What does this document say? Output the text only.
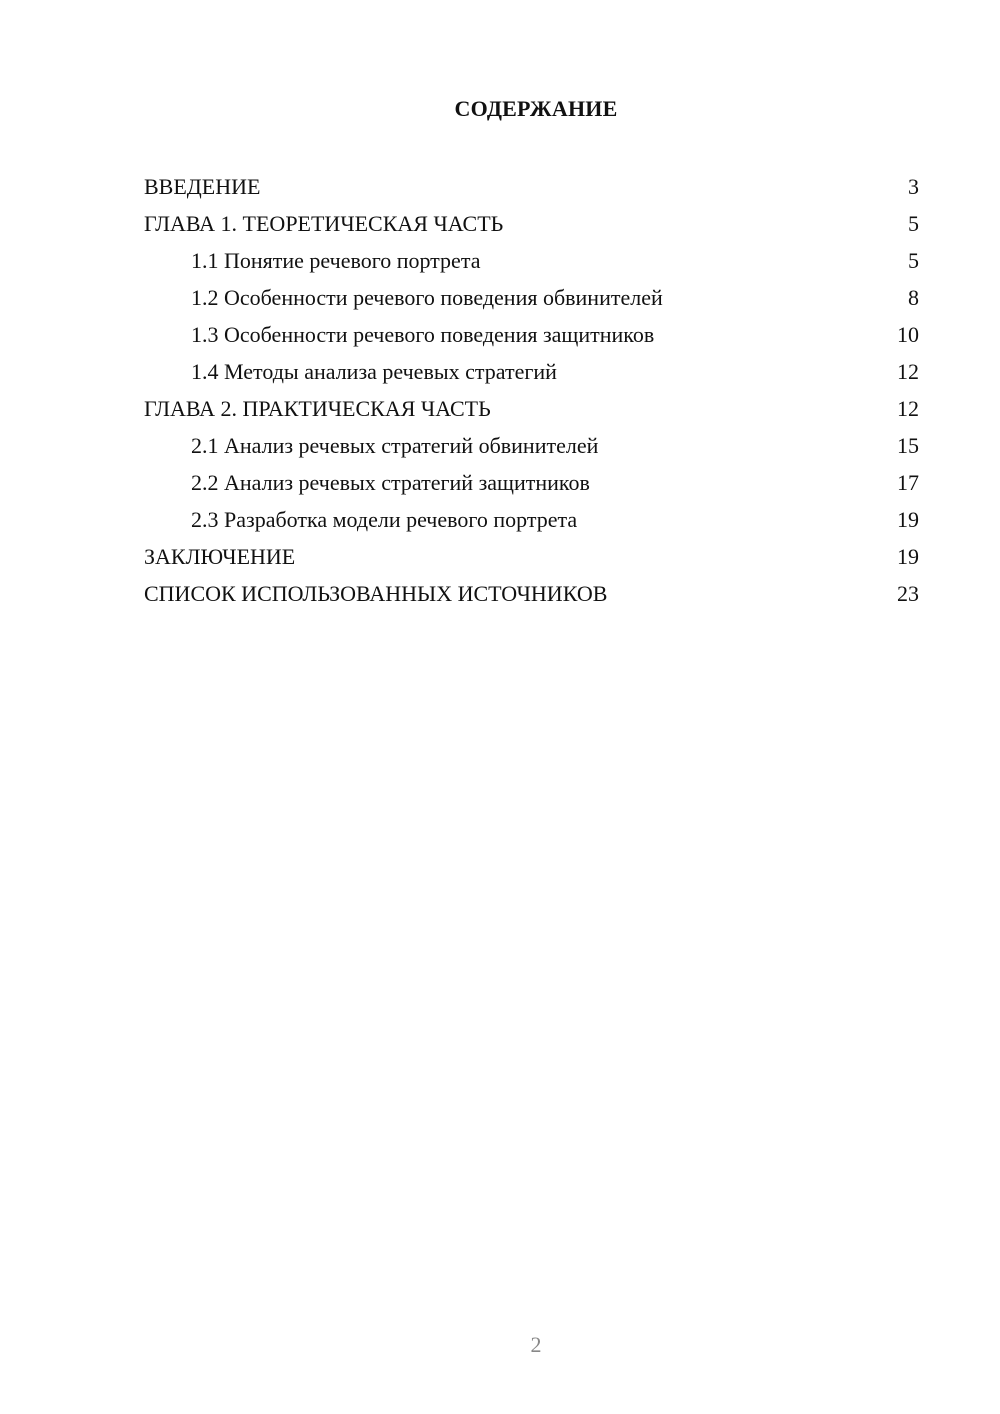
СОДЕРЖАНИЕ
ВВЕДЕНИЕ	3
ГЛАВА 1. ТЕОРЕТИЧЕСКАЯ ЧАСТЬ	5
1.1 Понятие речевого портрета	5
1.2 Особенности речевого поведения обвинителей	8
1.3 Особенности речевого поведения защитников	10
1.4 Методы анализа речевых стратегий	12
ГЛАВА 2. ПРАКТИЧЕСКАЯ ЧАСТЬ	12
2.1 Анализ речевых стратегий обвинителей	15
2.2 Анализ речевых стратегий защитников	17
2.3 Разработка модели речевого портрета	19
ЗАКЛЮЧЕНИЕ	19
СПИСОК ИСПОЛЬЗОВАННЫХ ИСТОЧНИКОВ	23
2
